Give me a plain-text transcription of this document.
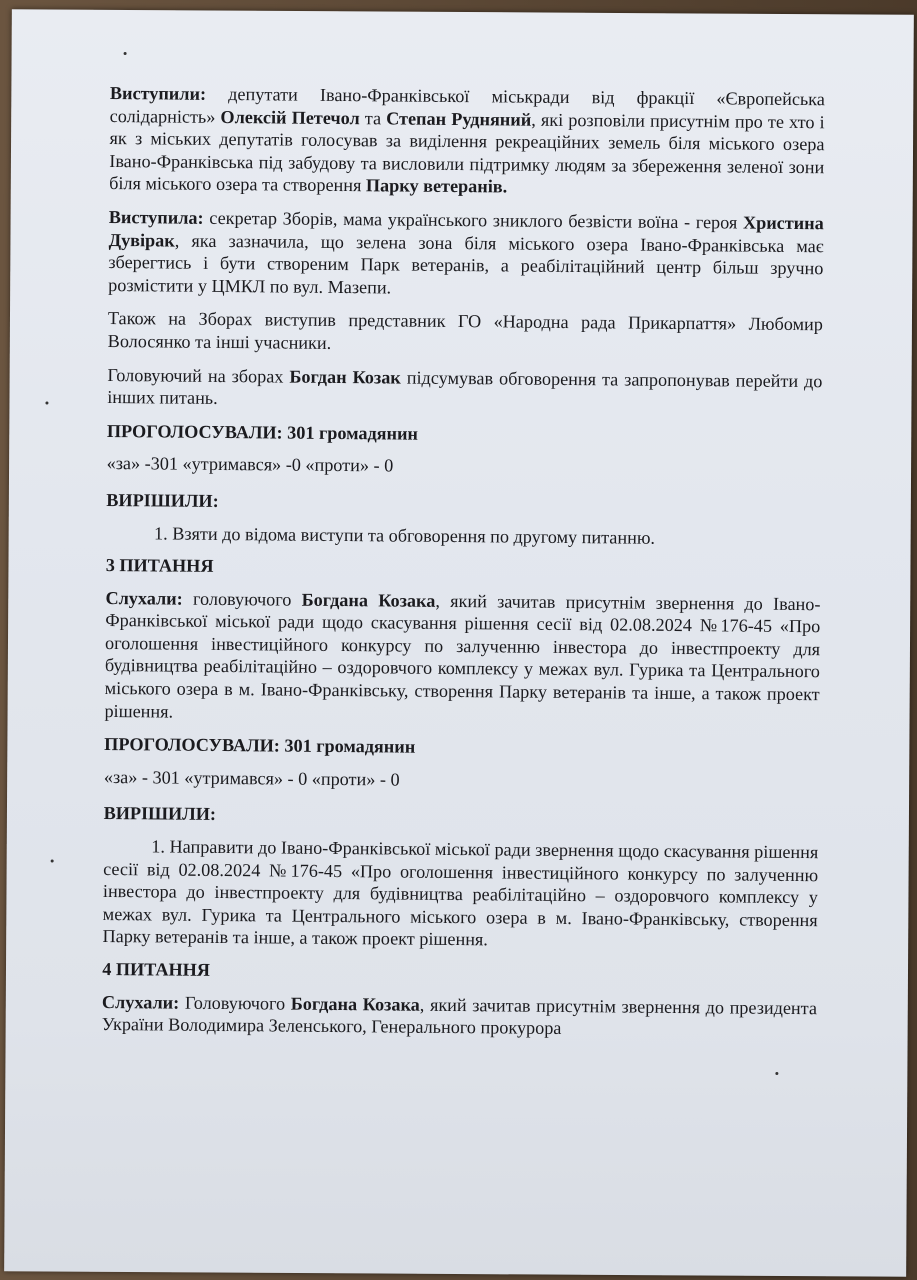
Виступили: депутати Івано-Франківської міськради від фракції «Європейська солідарність» Олексій Петечол та Степан Рудняний, які розповіли присутнім про те хто і як з міських депутатів голосував за виділення рекреаційних земель біля міського озера Івано-Франківська під забудову та висловили підтримку людям за збереження зеленої зони біля міського озера та створення Парку ветеранів.

Виступила: секретар Зборів, мама українського зниклого безвісти воїна - героя Христина Дувірак, яка зазначила, що зелена зона біля міського озера Івано-Франківська має зберегтись і бути створеним Парк ветеранів, а реабілітаційний центр більш зручно розмістити у ЦМКЛ по вул. Мазепи.

Також на Зборах виступив представник ГО «Народна рада Прикарпаття» Любомир Волосянко та інші учасники.

Головуючий на зборах Богдан Козак підсумував обговорення та запропонував перейти до інших питань.

ПРОГОЛОСУВАЛИ: 301 громадянин
«за» -301 «утримався» -0 «проти» - 0
ВИРІШИЛИ:
1. Взяти до відома виступи та обговорення по другому питанню.
3 ПИТАННЯ

Слухали: головуючого Богдана Козака, який зачитав присутнім звернення до Івано-Франківської міської ради щодо скасування рішення сесії від 02.08.2024 №176-45 «Про оголошення інвестиційного конкурсу по залученню інвестора до інвестпроекту для будівництва реабілітаційно – оздоровчого комплексу у межах вул. Гурика та Центрального міського озера в м. Івано-Франківську, створення Парку ветеранів та інше, а також проект рішення.

ПРОГОЛОСУВАЛИ: 301 громадянин
«за» - 301 «утримався» - 0 «проти» - 0
ВИРІШИЛИ:

1. Направити до Івано-Франківської міської ради звернення щодо скасування рішення сесії від 02.08.2024 №176-45 «Про оголошення інвестиційного конкурсу по залученню інвестора до інвестпроекту для будівництва реабілітаційно – оздоровчого комплексу у межах вул. Гурика та Центрального міського озера в м. Івано-Франківську, створення Парку ветеранів та інше, а також проект рішення.

4 ПИТАННЯ

Слухали: Головуючого Богдана Козака, який зачитав присутнім звернення до президента України Володимира Зеленського, Генерального прокурора
